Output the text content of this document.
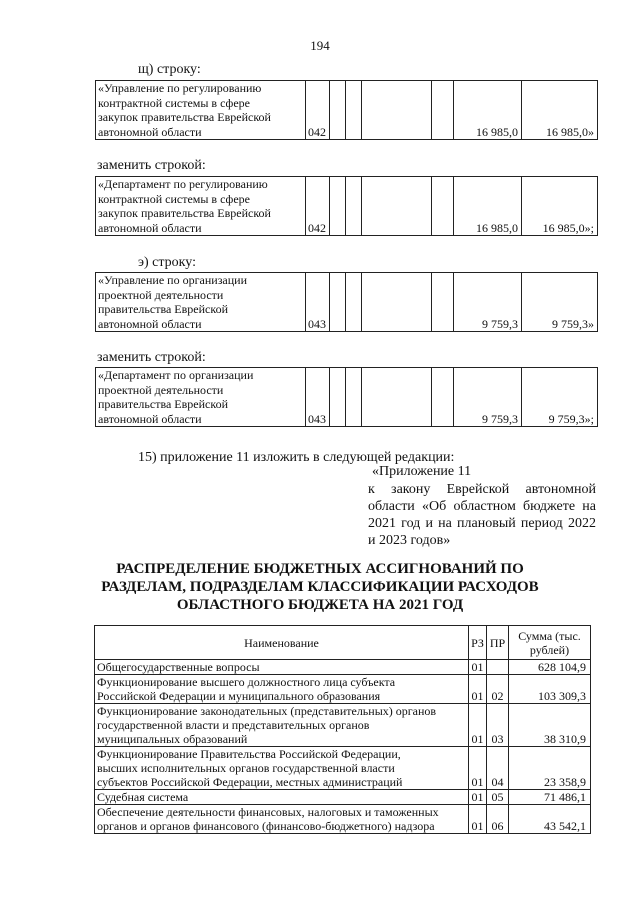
194
щ) строку:
«Управление по регулированию
контрактной системы в сфере
закупок правительства Еврейской
автономной области	042					16 985,0	16 985,0»
заменить строкой:
«Департамент по регулированию
контрактной системы в сфере
закупок правительства Еврейской
автономной области	042					16 985,0	16 985,0»;
э) строку:
«Управление по организации
проектной деятельности
правительства Еврейской
автономной области	043					9 759,3	9 759,3»
заменить строкой:
«Департамент по организации
проектной деятельности
правительства Еврейской
автономной области	043					9 759,3	9 759,3»;
15) приложение 11 изложить в следующей редакции:
«Приложение 11
к закону Еврейской автономной области «Об областном бюджете на 2021 год и на плановый период 2022 и 2023 годов»
РАСПРЕДЕЛЕНИЕ БЮДЖЕТНЫХ АССИГНОВАНИЙ ПО
РАЗДЕЛАМ, ПОДРАЗДЕЛАМ КЛАССИФИКАЦИИ РАСХОДОВ
ОБЛАСТНОГО БЮДЖЕТА НА 2021 ГОД
Наименование	РЗ	ПР	Сумма (тыс. рублей)

Общегосударственные вопросы	01		628 104,9

Функционирование высшего должностного лица субъекта
Российской Федерации и муниципального образования	01	02	103 309,3

Функционирование законодательных (представительных) органов
государственной власти и представительных органов
муниципальных образований	01	03	38 310,9

Функционирование Правительства Российской Федерации,
высших исполнительных органов государственной власти
субъектов Российской Федерации, местных администраций	01	04	23 358,9

Судебная система	01	05	71 486,1

Обеспечение деятельности финансовых, налоговых и таможенных
органов и органов финансового (финансово-бюджетного) надзора	01	06	43 542,1
